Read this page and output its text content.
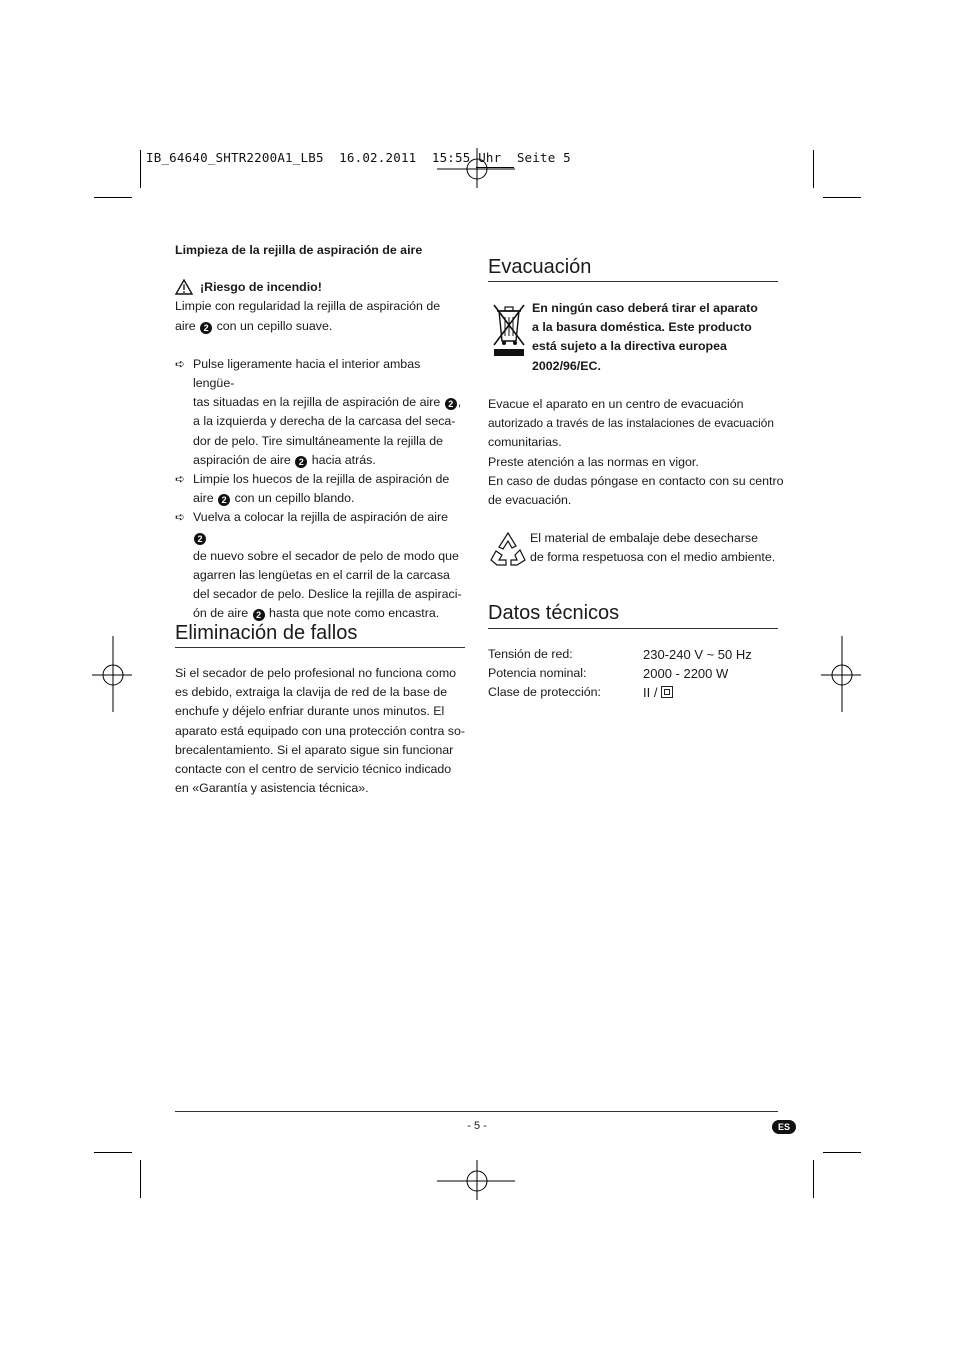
IB_64640_SHTR2200A1_LB5  16.02.2011  15:55 Uhr  Seite 5

Limpieza de la rejilla de aspiración de aire

¡Riesgo de incendio!

Limpie con regularidad la rejilla de aspiración de

aire 2 con un cepillo suave.

➪ Pulse ligeramente hacia el interior ambas lengüe-

tas situadas en la rejilla de aspiración de aire 2 ,

a la izquierda y derecha de la carcasa del seca-

dor de pelo. Tire simultáneamente la rejilla de

aspiración de aire 2 hacia atrás.

➪ Limpie los huecos de la rejilla de aspiración de

aire 2 con un cepillo blando.

➪ Vuelva a colocar la rejilla de aspiración de aire 2

de nuevo sobre el secador de pelo de modo que

agarren las lengüetas en el carril de la carcasa

del secador de pelo. Deslice la rejilla de aspiraci-

ón de aire 2 hasta que note como encastra.

Eliminación de fallos

Si el secador de pelo profesional no funciona como

es debido, extraiga la clavija de red de la base de

enchufe y déjelo enfriar durante unos minutos. El

aparato está equipado con una protección contra so-

brecalentamiento. Si el aparato sigue sin funcionar

contacte con el centro de servicio técnico indicado

en «Garantía y asistencia técnica».

Evacuación

En ningún caso deberá tirar el aparato

a la basura doméstica. Este producto

está sujeto a la directiva europea

2002/96/EC.

Evacue el aparato en un centro de evacuación

autorizado a través de las instalaciones de evacuación

comunitarias.

Preste atención a las normas en vigor.

En caso de dudas póngase en contacto con su centro

de evacuación.

El material de embalaje debe desecharse

de forma respetuosa con el medio ambiente.

Datos técnicos
Tensión de red:	230-240 V ~ 50 Hz
Potencia nominal:	2000 - 2200 W
Clase de protección:	II /
- 5 -	ES
